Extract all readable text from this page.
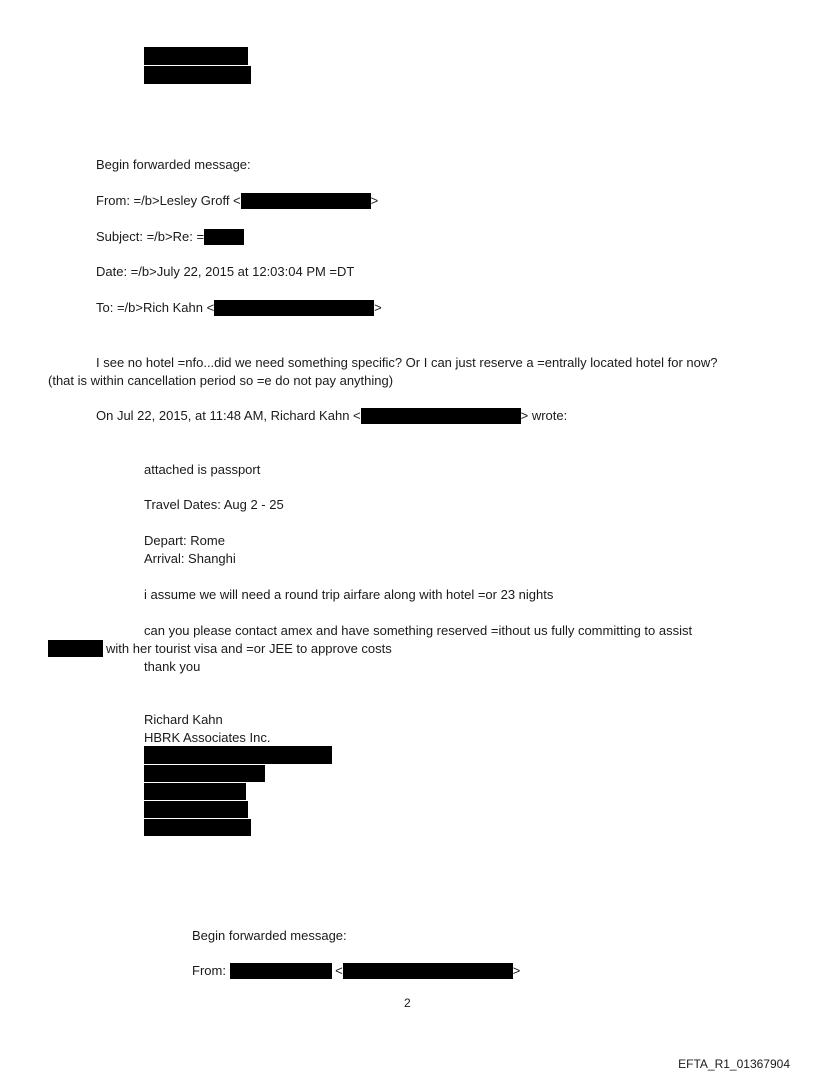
Begin forwarded message:
From: =/b>Lesley Groff <	>
Subject: =/b>Re: =
Date: =/b>July 22, 2015 at 12:03:04 PM =DT
To: =/b>Rich Kahn <	>
I see no hotel =nfo...did we need something specific? Or I can just reserve a =entrally located hotel for now?
(that is within cancellation period so =e do not pay anything)
On Jul 22, 2015, at 11:48 AM, Richard Kahn <	> wrote:
attached is passport
Travel Dates: Aug 2 - 25
Depart: Rome
Arrival: Shanghi
i assume we will need a round trip airfare along with hotel =or 23 nights
can you please contact amex and have something reserved =ithout us fully committing to assist
with her tourist visa and =or JEE to approve costs
thank you
Richard Kahn
HBRK Associates Inc.
Begin forwarded message:
From:	<	>
2
EFTA_R1_01367904
